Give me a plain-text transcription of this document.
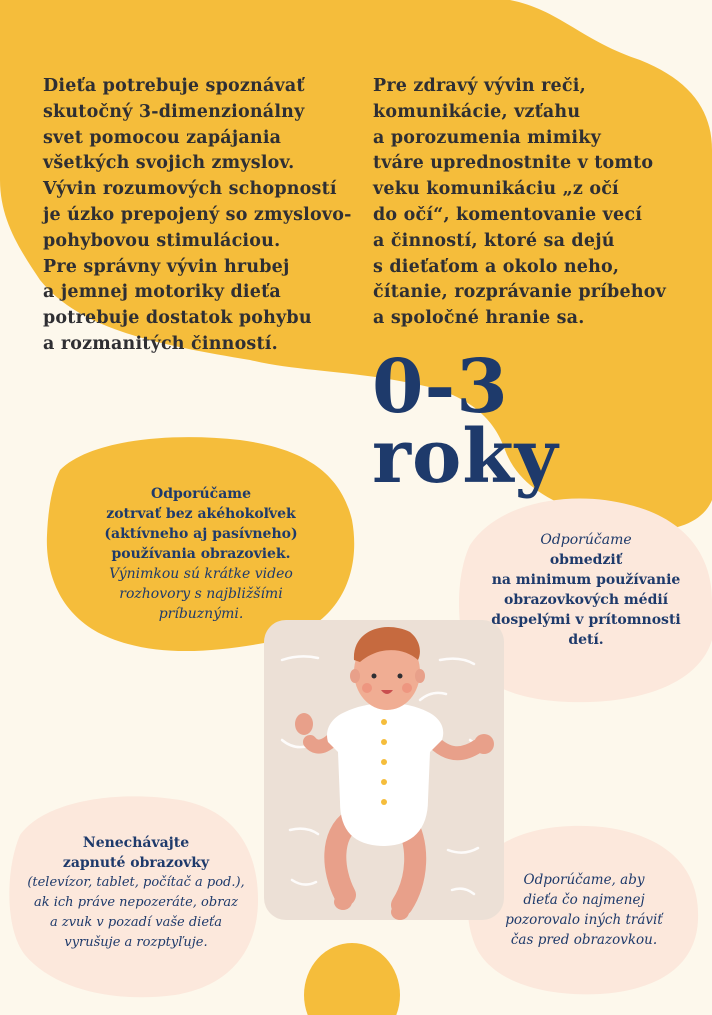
Dieťa potrebuje spoznávať
skutočný 3-dimenzionálny
svet pomocou zapájania
všetkých svojich zmyslov.
Vývin rozumových schopností
je úzko prepojený so zmyslovo-
pohybovou stimuláciou.
Pre správny vývin hrubej
a jemnej motoriky dieťa
potrebuje dostatok pohybu
a rozmanitých činností.
Pre zdravý vývin reči,
komunikácie, vzťahu
a porozumenia mimiky
tváre uprednostnite v tomto
veku komunikáciu „z očí
do očí“, komentovanie vecí
a činností, ktoré sa dejú
s dieťaťom a okolo neho,
čítanie, rozprávanie príbehov
a spoločné hranie sa.
0-3
roky
Odporúčame
zotrvať bez akéhokoľvek
(aktívneho aj pasívneho)
používania obrazoviek.
Výnimkou sú krátke video
rozhovory s najbližšími
príbuznými.
Odporúčame
obmedziť
na minimum používanie
obrazovkových médií
dospelými v prítomnosti
detí.
Nenechávajte
zapnuté obrazovky
(televízor, tablet, počítač a pod.),
ak ich práve nepozeráte, obraz
a zvuk v pozadí vaše dieťa
vyrušuje a rozptyľuje.
Odporúčame, aby
dieťa čo najmenej
pozorovalo iných tráviť
čas pred obrazovkou.
